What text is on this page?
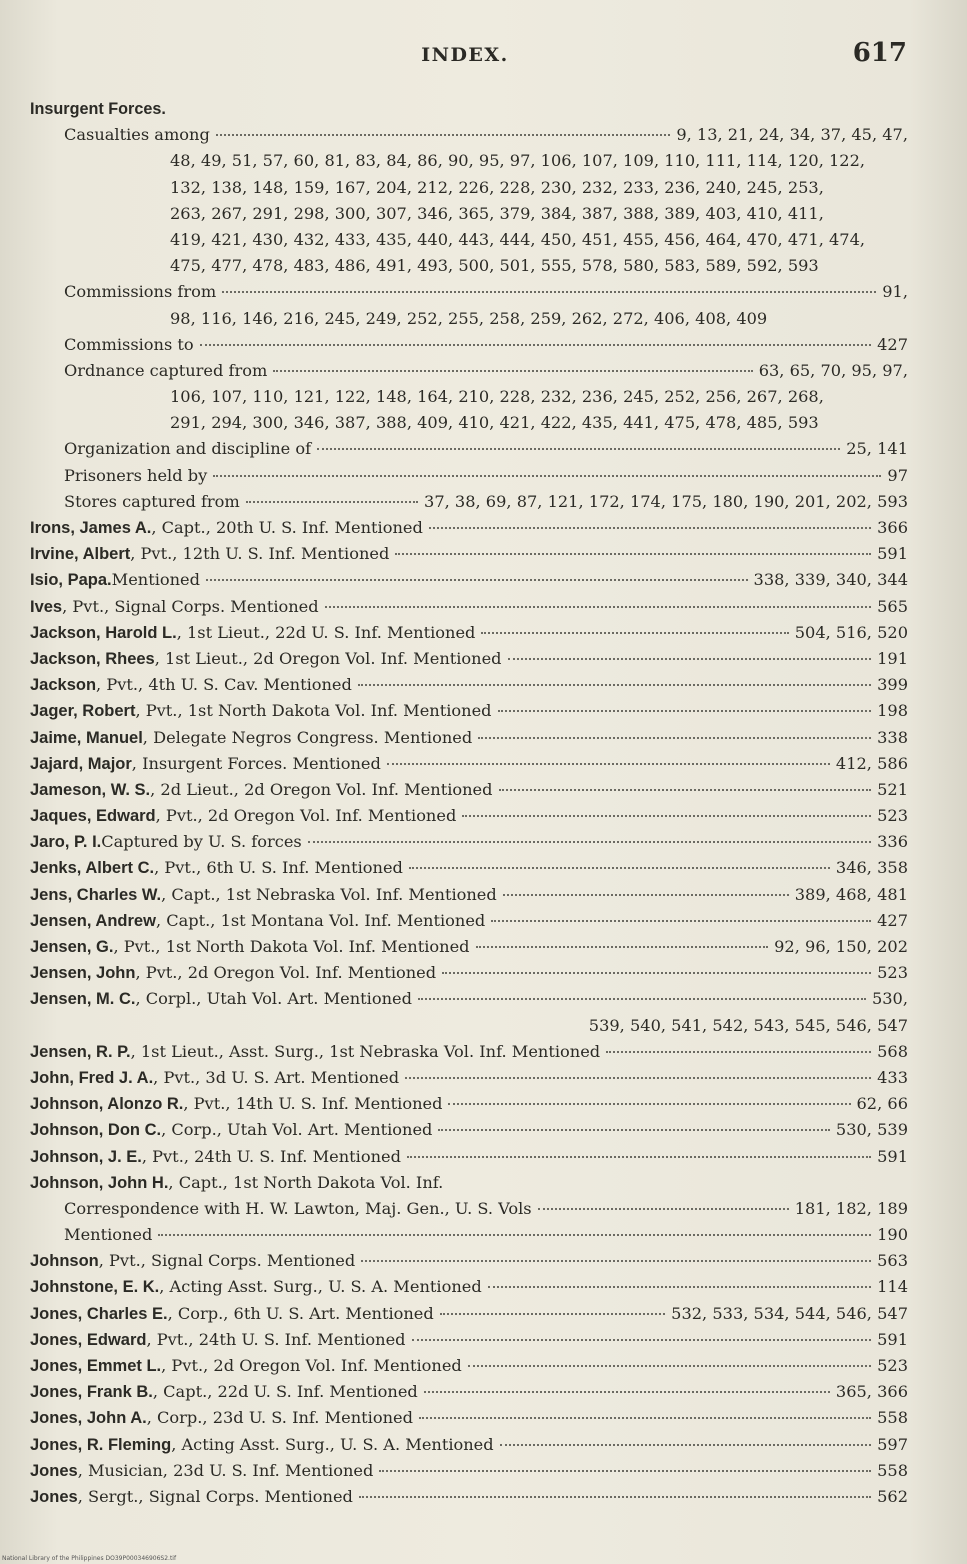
INDEX.	617
Insurgent Forces.
Casualties among	9, 13, 21, 24, 34, 37, 45, 47,
48, 49, 51, 57, 60, 81, 83, 84, 86, 90, 95, 97, 106, 107, 109, 110, 111, 114, 120, 122,
132, 138, 148, 159, 167, 204, 212, 226, 228, 230, 232, 233, 236, 240, 245, 253,
263, 267, 291, 298, 300, 307, 346, 365, 379, 384, 387, 388, 389, 403, 410, 411,
419, 421, 430, 432, 433, 435, 440, 443, 444, 450, 451, 455, 456, 464, 470, 471, 474,
475, 477, 478, 483, 486, 491, 493, 500, 501, 555, 578, 580, 583, 589, 592, 593
Commissions from	91,
98, 116, 146, 216, 245, 249, 252, 255, 258, 259, 262, 272, 406, 408, 409
Commissions to	427
Ordnance captured from	63, 65, 70, 95, 97,
106, 107, 110, 121, 122, 148, 164, 210, 228, 232, 236, 245, 252, 256, 267, 268,
291, 294, 300, 346, 387, 388, 409, 410, 421, 422, 435, 441, 475, 478, 485, 593
Organization and discipline of	25, 141
Prisoners held by	97
Stores captured from	37, 38, 69, 87, 121, 172, 174, 175, 180, 190, 201, 202, 593
Irons, James A. , Capt., 20th U. S. Inf. Mentioned	366
Irvine, Albert , Pvt., 12th U. S. Inf. Mentioned	591
Isio, Papa. Mentioned	338, 339, 340, 344
Ives , Pvt., Signal Corps. Mentioned	565
Jackson, Harold L. , 1st Lieut., 22d U. S. Inf. Mentioned	504, 516, 520
Jackson, Rhees , 1st Lieut., 2d Oregon Vol. Inf. Mentioned	191
Jackson , Pvt., 4th U. S. Cav. Mentioned	399
Jager, Robert , Pvt., 1st North Dakota Vol. Inf. Mentioned	198
Jaime, Manuel , Delegate Negros Congress. Mentioned	338
Jajard, Major , Insurgent Forces. Mentioned	412, 586
Jameson, W. S. , 2d Lieut., 2d Oregon Vol. Inf. Mentioned	521
Jaques, Edward , Pvt., 2d Oregon Vol. Inf. Mentioned	523
Jaro, P. I. Captured by U. S. forces	336
Jenks, Albert C. , Pvt., 6th U. S. Inf. Mentioned	346, 358
Jens, Charles W. , Capt., 1st Nebraska Vol. Inf. Mentioned	389, 468, 481
Jensen, Andrew , Capt., 1st Montana Vol. Inf. Mentioned	427
Jensen, G. , Pvt., 1st North Dakota Vol. Inf. Mentioned	92, 96, 150, 202
Jensen, John , Pvt., 2d Oregon Vol. Inf. Mentioned	523
Jensen, M. C. , Corpl., Utah Vol. Art. Mentioned	530,
539, 540, 541, 542, 543, 545, 546, 547
Jensen, R. P. , 1st Lieut., Asst. Surg., 1st Nebraska Vol. Inf. Mentioned	568
John, Fred J. A. , Pvt., 3d U. S. Art. Mentioned	433
Johnson, Alonzo R. , Pvt., 14th U. S. Inf. Mentioned	62, 66
Johnson, Don C. , Corp., Utah Vol. Art. Mentioned	530, 539
Johnson, J. E. , Pvt., 24th U. S. Inf. Mentioned	591
Johnson, John H. , Capt., 1st North Dakota Vol. Inf.
Correspondence with H. W. Lawton, Maj. Gen., U. S. Vols	181, 182, 189
Mentioned	190
Johnson , Pvt., Signal Corps. Mentioned	563
Johnstone, E. K. , Acting Asst. Surg., U. S. A. Mentioned	114
Jones, Charles E. , Corp., 6th U. S. Art. Mentioned	532, 533, 534, 544, 546, 547
Jones, Edward , Pvt., 24th U. S. Inf. Mentioned	591
Jones, Emmet L. , Pvt., 2d Oregon Vol. Inf. Mentioned	523
Jones, Frank B. , Capt., 22d U. S. Inf. Mentioned	365, 366
Jones, John A. , Corp., 23d U. S. Inf. Mentioned	558
Jones, R. Fleming , Acting Asst. Surg., U. S. A. Mentioned	597
Jones , Musician, 23d U. S. Inf. Mentioned	558
Jones , Sergt., Signal Corps. Mentioned	562
National Library of the Philippines DO39P000346906S2.tif
